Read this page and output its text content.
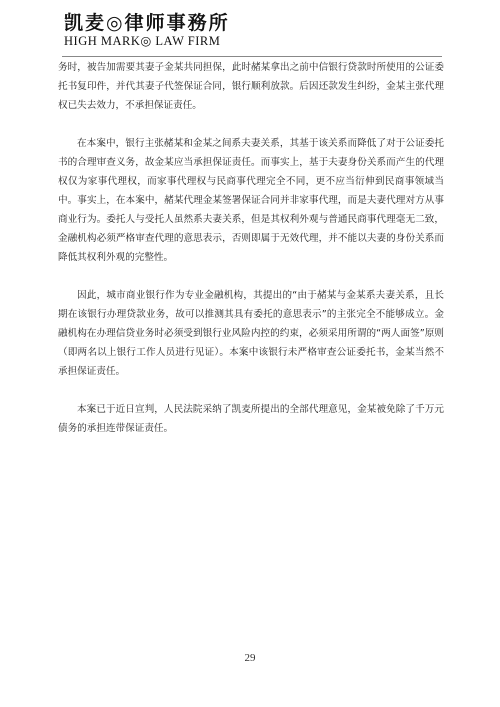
凯麦◎律师事務所
HIGH MARK◎ LAW FIRM

务时，被告加需要其妻子金某共同担保，此时赭某拿出之前中信银行贷款时所使用的公证委托书复印件，并代其妻子代签保证合同，银行顺利放款。后因还款发生纠纷，金某主张代理权已失去效力，不承担保证责任。

在本案中，银行主张赭某和金某之间系夫妻关系，其基于该关系而降低了对于公证委托书的合理审查义务，故金某应当承担保证责任。而事实上，基于夫妻身份关系而产生的代理权仅为家事代理权，而家事代理权与民商事代理完全不同，更不应当衍伸到民商事领域当中。事实上，在本案中，赭某代理金某签署保证合同并非家事代理，而是夫妻代理对方从事商业行为。委托人与受托人虽然系夫妻关系，但是其权利外观与普通民商事代理毫无二致，金融机构必须严格审查代理的意思表示，否则即属于无效代理，并不能以夫妻的身份关系而降低其权利外观的完整性。

因此，城市商业银行作为专业金融机构，其提出的“由于赭某与金某系夫妻关系，且长期在该银行办理贷款业务，故可以推测其具有委托的意思表示”的主张完全不能够成立。金融机构在办理信贷业务时必须受到银行业风险内控的约束，必须采用所谓的“两人面签”原则（即两名以上银行工作人员进行见证）。本案中该银行未严格审查公证委托书，金某当然不承担保证责任。

本案已于近日宣判，人民法院采纳了凯麦所提出的全部代理意见，金某被免除了千万元债务的承担连带保证责任。

29
